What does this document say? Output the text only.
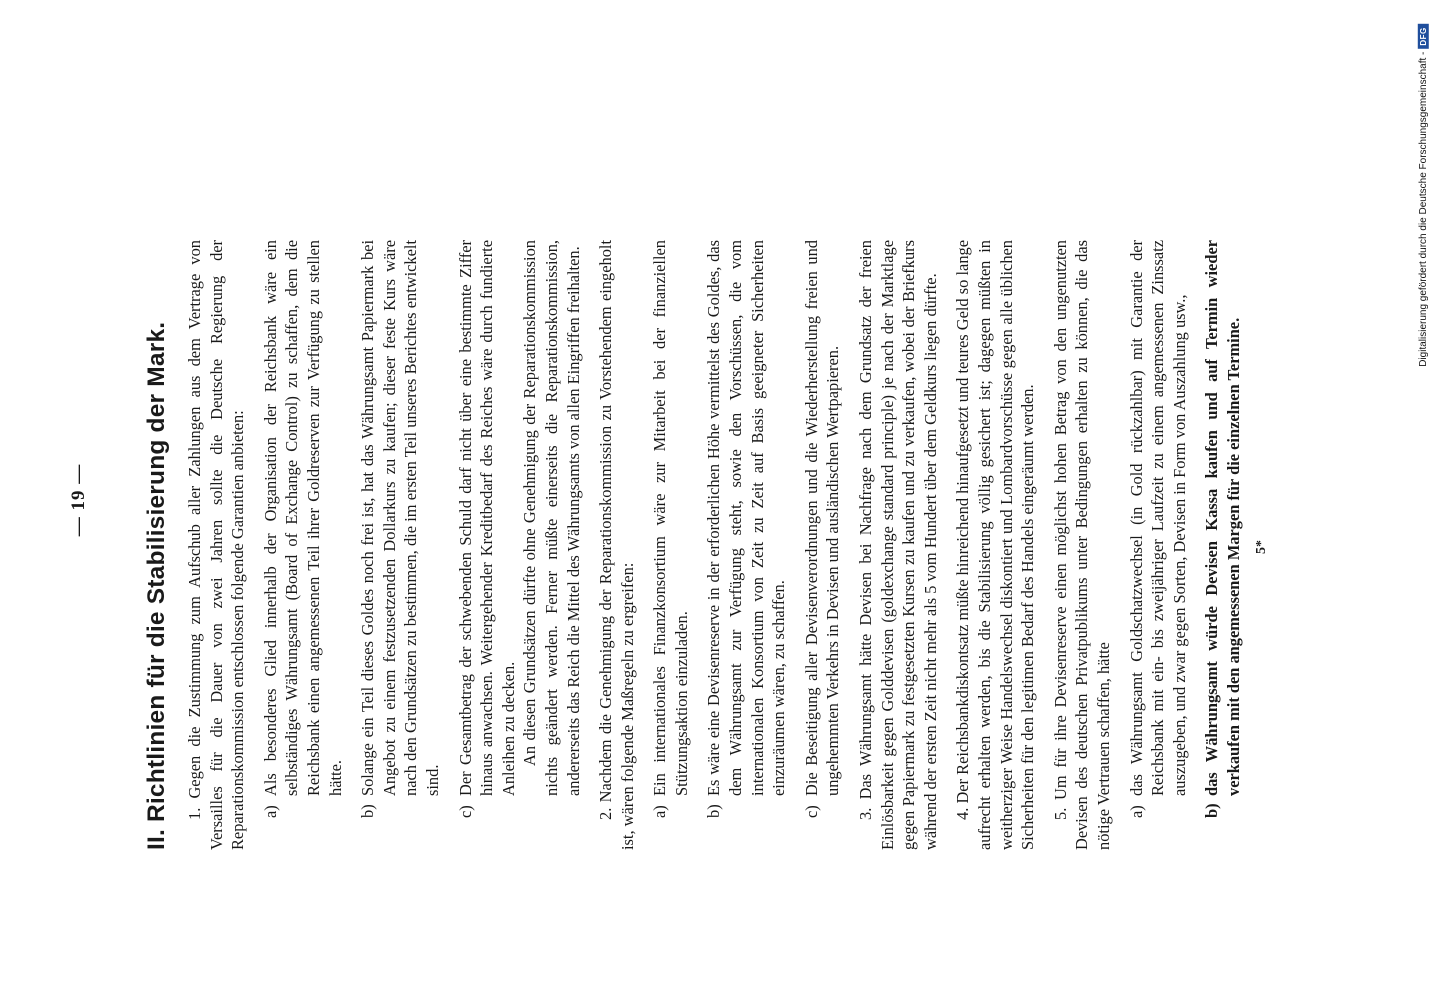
— 19 — II. Richtlinien für die Stabilisierung der Mark. 1. Gegen die Zustimmung zum Aufschub aller Zahlungen aus dem Vertrage von Versailles für die Dauer von zwei Jahren sollte die Deutsche Regierung der Reparationskommission entschlossen folgende Garantien anbieten: a)
Als besonderes Glied innerhalb der Organisation der Reichsbank wäre ein selbständiges Währungsamt (Board of Exchange Control) zu schaffen, dem die Reichsbank einen angemessenen Teil ihrer Goldreserven zur Verfügung zu stellen hätte.
b)
Solange ein Teil dieses Goldes noch frei ist, hat das Währungsamt Papiermark bei Angebot zu einem festzusetzenden Dollarkurs zu kaufen; dieser feste Kurs wäre nach den Grundsätzen zu bestimmen, die im ersten Teil unseres Berichtes entwickelt sind.
c)
Der Gesamtbetrag der schwebenden Schuld darf nicht über eine bestimmte Ziffer hinaus anwachsen. Weitergehender Kreditbedarf des Reiches wäre durch fundierte Anleihen zu decken. An diesen Grundsätzen dürfte ohne Genehmigung der Reparationskommission nichts geändert werden. Ferner müßte einerseits die Reparationskommission, andererseits das Reich die Mittel des Währungsamts von allen Eingriffen freihalten. 2. Nachdem die Genehmigung der Reparationskommission zu Vorstehendem eingeholt ist, wären folgende Maßregeln zu ergreifen: a)
Ein internationales Finanzkonsortium wäre zur Mitarbeit bei der finanziellen Stützungsaktion einzuladen.
b)
Es wäre eine Devisenreserve in der erforderlichen Höhe vermittelst des Goldes, das dem Währungsamt zur Verfügung steht, sowie den Vorschüssen, die vom internationalen Konsortium von Zeit zu Zeit auf Basis geeigneter Sicherheiten einzuräumen wären, zu schaffen.
c)
Die Beseitigung aller Devisenverordnungen und die Wiederherstellung freien und ungehemmten Verkehrs in Devisen und ausländischen Wertpapieren. 3. Das Währungsamt hätte Devisen bei Nachfrage nach dem Grundsatz der freien Einlösbarkeit gegen Golddevisen (goldexchange standard principle) je nach der Marktlage gegen Papiermark zu festgesetzten Kursen zu kaufen und zu verkaufen, wobei der Briefkurs während der ersten Zeit nicht mehr als 5 vom Hundert über dem Geldkurs liegen dürfte. 4. Der Reichsbankdiskontsatz müßte hinreichend hinaufgesetzt und teures Geld so lange aufrecht erhalten werden, bis die Stabilisierung völlig gesichert ist; dagegen müßten in weitherziger Weise Handelswechsel diskontiert und Lombardvorschüsse gegen alle üblichen Sicherheiten für den legitimen Bedarf des Handels eingeräumt werden. 5. Um für ihre Devisenreserve einen möglichst hohen Betrag von den ungenutzten Devisen des deutschen Privatpublikums unter Bedingungen erhalten zu können, die das nötige Vertrauen schaffen, hätte a)
das Währungsamt Goldschatzwechsel (in Gold rückzahlbar) mit Garantie der Reichsbank mit ein- bis zweijähriger Laufzeit zu einem angemessenen Zinssatz auszugeben, und zwar gegen Sorten, Devisen in Form von Auszahlung usw.,
b)
das Währungsamt würde Devisen Kassa kaufen und auf Termin wieder verkaufen mit den angemessenen Margen für die einzelnen Termine. 5*
Digitalisierung gefördert durch die Deutsche Forschungsgemeinschaft -
DFG
